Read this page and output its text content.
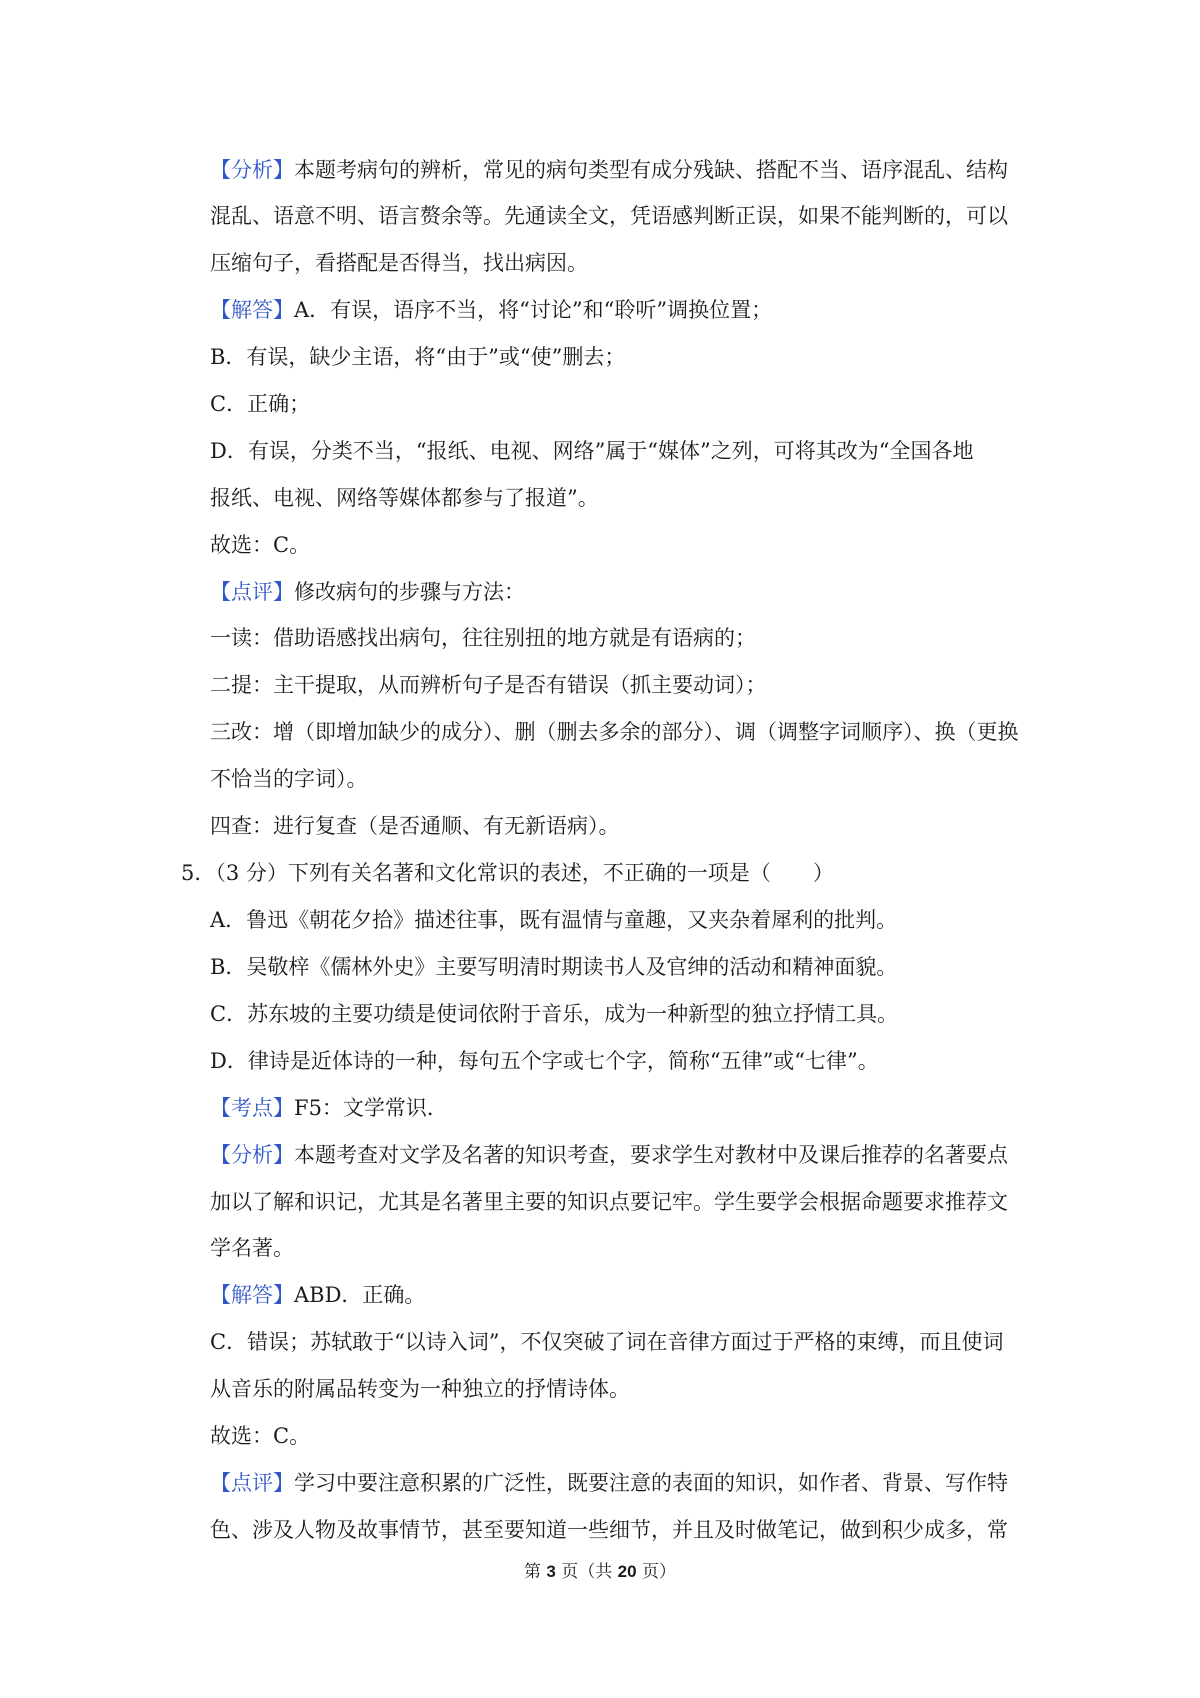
【分析】本题考病句的辨析，常见的病句类型有成分残缺、搭配不当、语序混乱、结构
混乱、语意不明、语言赘余等。先通读全文，凭语感判断正误，如果不能判断的，可以
压缩句子，看搭配是否得当，找出病因。
【解答】A．有误，语序不当，将“讨论”和“聆听”调换位置；
B．有误，缺少主语，将“由于”或“使”删去；
C．正确；
D．有误，分类不当，“报纸、电视、网络”属于“媒体”之列，可将其改为“全国各地
报纸、电视、网络等媒体都参与了报道”。
故选：C。
【点评】修改病句的步骤与方法：
一读：借助语感找出病句，往往别扭的地方就是有语病的；
二提：主干提取，从而辨析句子是否有错误（抓主要动词）；
三改：增（即增加缺少的成分）、删（删去多余的部分）、调（调整字词顺序）、换（更换
不恰当的字词）。
四查：进行复查（是否通顺、有无新语病）。
5．（3 分）下列有关名著和文化常识的表述，不正确的一项是（　　）
A．鲁迅《朝花夕拾》描述往事，既有温情与童趣，又夹杂着犀利的批判。
B．吴敬梓《儒林外史》主要写明清时期读书人及官绅的活动和精神面貌。
C．苏东坡的主要功绩是使词依附于音乐，成为一种新型的独立抒情工具。
D．律诗是近体诗的一种，每句五个字或七个字，简称“五律”或“七律”。
【考点】F5：文学常识．
【分析】本题考查对文学及名著的知识考查，要求学生对教材中及课后推荐的名著要点
加以了解和识记，尤其是名著里主要的知识点要记牢。学生要学会根据命题要求推荐文
学名著。
【解答】ABD．正确。
C．错误；苏轼敢于“以诗入词”，不仅突破了词在音律方面过于严格的束缚，而且使词
从音乐的附属品转变为一种独立的抒情诗体。
故选：C。
【点评】学习中要注意积累的广泛性，既要注意的表面的知识，如作者、背景、写作特
色、涉及人物及故事情节，甚至要知道一些细节，并且及时做笔记，做到积少成多，常
第 3 页（共 20 页）
